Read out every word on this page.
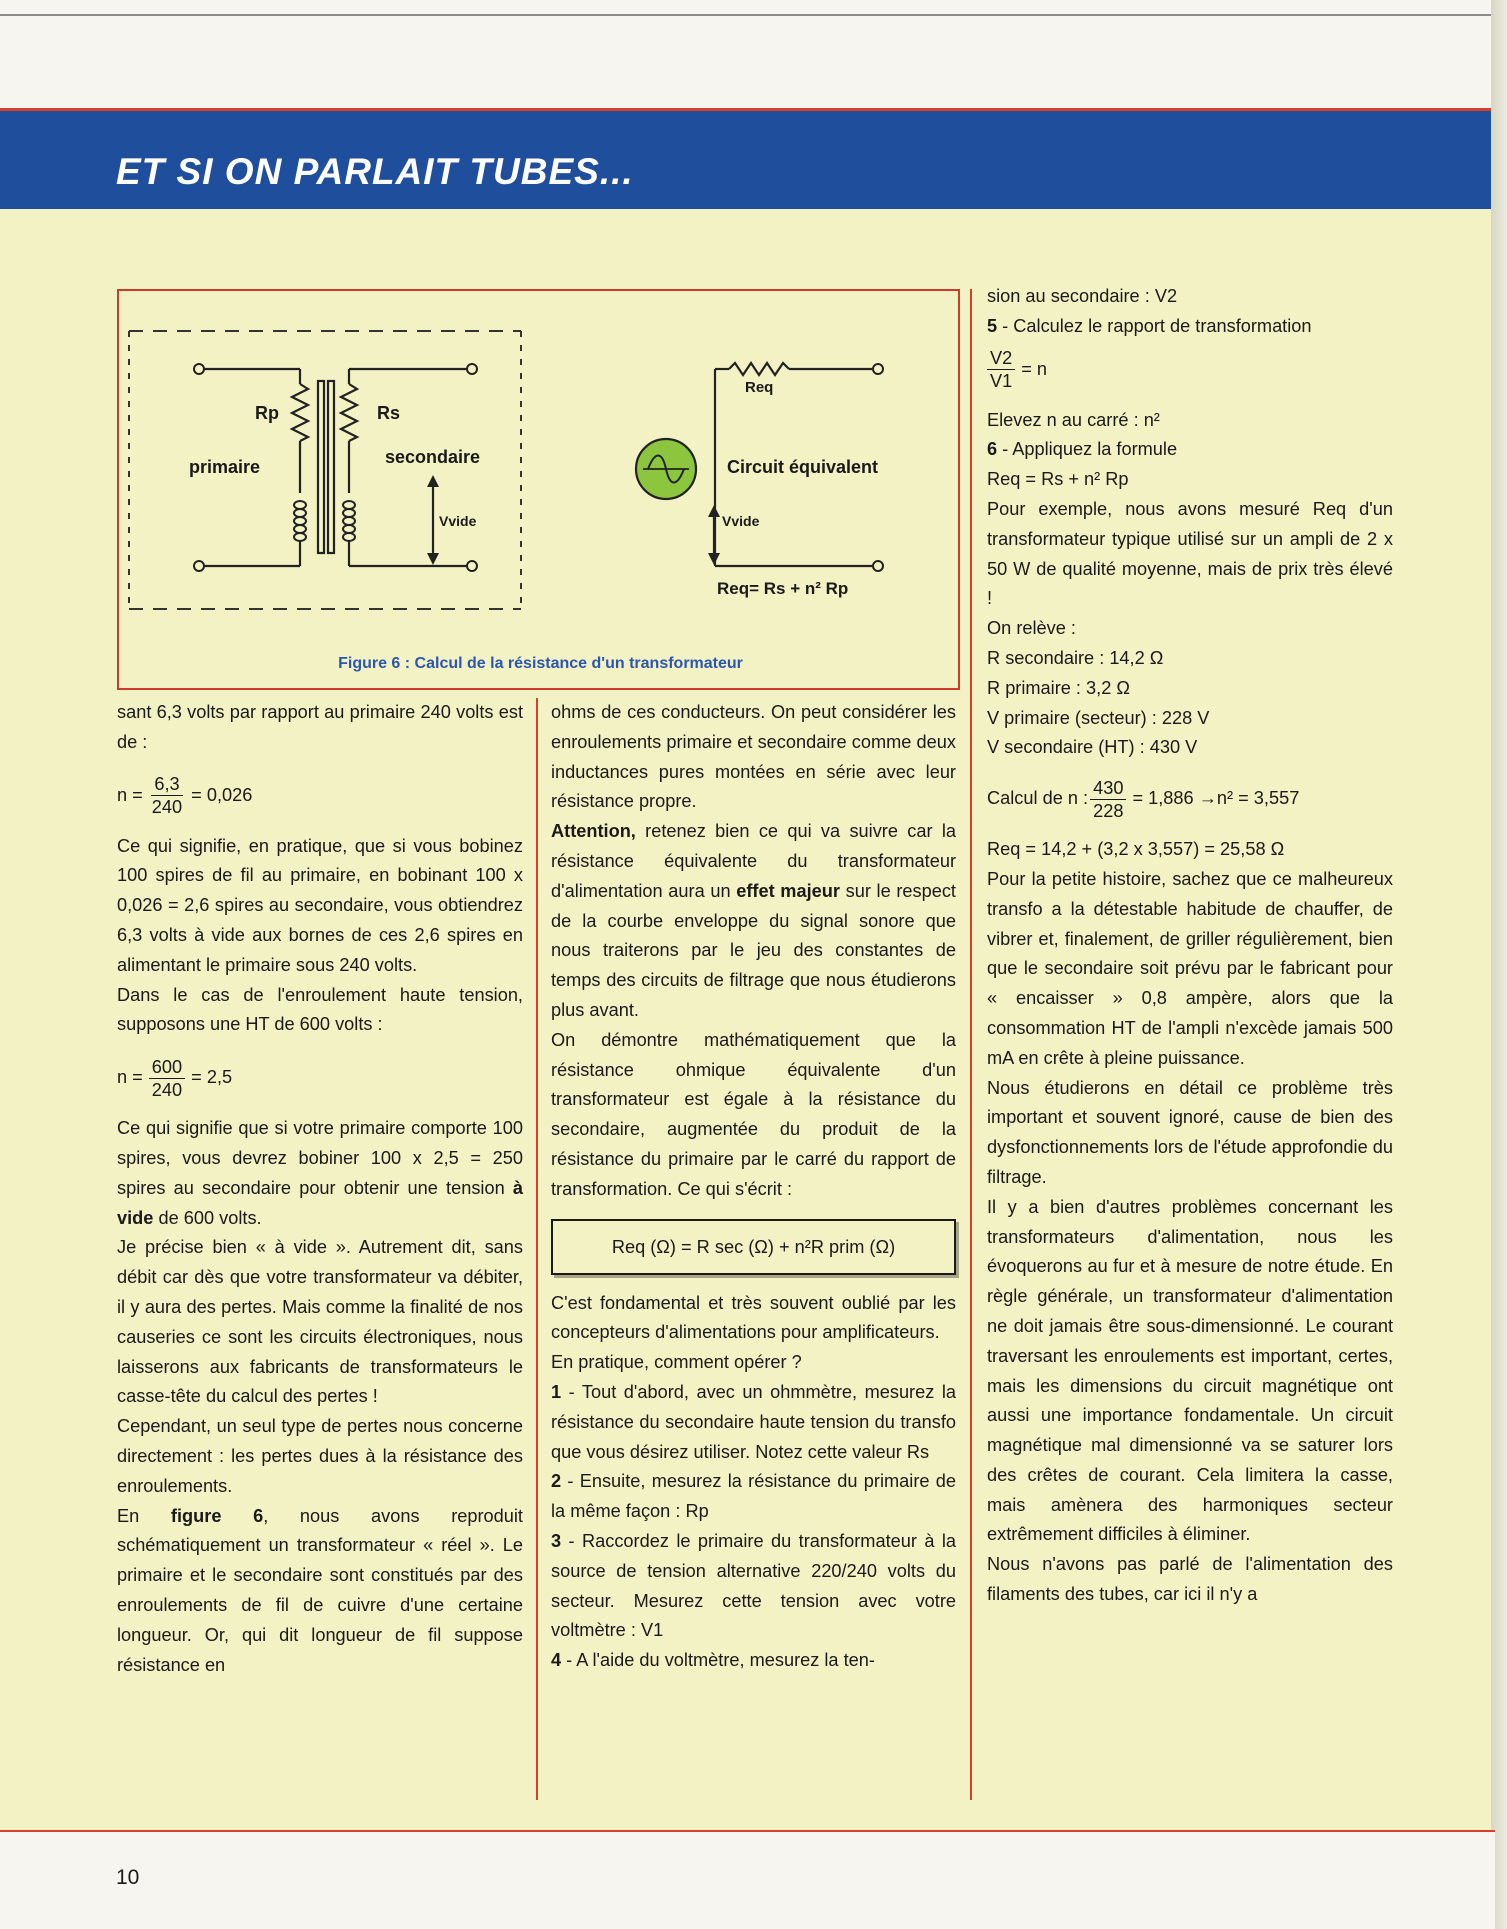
ET SI ON PARLAIT TUBES...
Rp	Rs
primaire	secondaire
Vvide
Req
Circuit équivalent
Vvide
Req= Rs + n² Rp
Figure 6 : Calcul de la résistance d'un transformateur

sant 6,3 volts par rapport au primaire 240 volts est de :

$n = \frac{6,3}{240} = 0,026$

Ce qui signifie, en pratique, que si vous bobinez 100 spires de fil au primaire, en bobinant 100 x 0,026 = 2,6 spires au secondaire, vous obtiendrez 6,3 volts à vide aux bornes de ces 2,6 spires en alimentant le primaire sous 240 volts.

Dans le cas de l'enroulement haute tension, supposons une HT de 600 volts :

$n = \frac{600}{240} = 2,5$

Ce qui signifie que si votre primaire comporte 100 spires, vous devrez bobiner 100 x 2,5 = 250 spires au secondaire pour obtenir une tension à vide de 600 volts.

Je précise bien « à vide ». Autrement dit, sans débit car dès que votre transformateur va débiter, il y aura des pertes. Mais comme la finalité de nos causeries ce sont les circuits électroniques, nous laisserons aux fabricants de transformateurs le casse-tête du calcul des pertes !

Cependant, un seul type de pertes nous concerne directement : les pertes dues à la résistance des enroulements.

En figure 6, nous avons reproduit schématiquement un transformateur « réel ». Le primaire et le secondaire sont constitués par des enroulements de fil de cuivre d'une certaine longueur. Or, qui dit longueur de fil suppose résistance en

ohms de ces conducteurs. On peut considérer les enroulements primaire et secondaire comme deux inductances pures montées en série avec leur résistance propre.

Attention, retenez bien ce qui va suivre car la résistance équivalente du transformateur d'alimentation aura un effet majeur sur le respect de la courbe enveloppe du signal sonore que nous traiterons par le jeu des constantes de temps des circuits de filtrage que nous étudierons plus avant.

On démontre mathématiquement que la résistance ohmique équivalente d'un transformateur est égale à la résistance du secondaire, augmentée du produit de la résistance du primaire par le carré du rapport de transformation. Ce qui s'écrit :

Req (Ω) = R sec (Ω) + n²R prim (Ω)

C'est fondamental et très souvent oublié par les concepteurs d'alimentations pour amplificateurs.

En pratique, comment opérer ?

1 - Tout d'abord, avec un ohmmètre, mesurez la résistance du secondaire haute tension du transfo que vous désirez utiliser. Notez cette valeur Rs

2 - Ensuite, mesurez la résistance du primaire de la même façon : Rp

3 - Raccordez le primaire du transformateur à la source de tension alternative 220/240 volts du secteur. Mesurez cette tension avec votre voltmètre : V1

4 - A l'aide du voltmètre, mesurez la ten-

sion au secondaire : V2

5 - Calculez le rapport de transformation

$\frac{V2}{V1} = n$

Elevez n au carré : n²

6 - Appliquez la formule

Req = Rs + n² Rp

Pour exemple, nous avons mesuré Req d'un transformateur typique utilisé sur un ampli de 2 x 50 W de qualité moyenne, mais de prix très élevé !

On relève :

R secondaire : 14,2 Ω

R primaire : 3,2 Ω

V primaire (secteur) : 228 V

V secondaire (HT) : 430 V

Calcul de n : $\frac{430}{228} = 1,886 \to n^2 = 3,557$

Req = 14,2 + (3,2 x 3,557) = 25,58 Ω

Pour la petite histoire, sachez que ce malheureux transfo a la détestable habitude de chauffer, de vibrer et, finalement, de griller régulièrement, bien que le secondaire soit prévu par le fabricant pour « encaisser » 0,8 ampère, alors que la consommation HT de l'ampli n'excède jamais 500 mA en crête à pleine puissance.

Nous étudierons en détail ce problème très important et souvent ignoré, cause de bien des dysfonctionnements lors de l'étude approfondie du filtrage.

Il y a bien d'autres problèmes concernant les transformateurs d'alimentation, nous les évoquerons au fur et à mesure de notre étude. En règle générale, un transformateur d'alimentation ne doit jamais être sous-dimensionné. Le courant traversant les enroulements est important, certes, mais les dimensions du circuit magnétique ont aussi une importance fondamentale. Un circuit magnétique mal dimensionné va se saturer lors des crêtes de courant. Cela limitera la casse, mais amènera des harmoniques secteur extrêmement difficiles à éliminer.

Nous n'avons pas parlé de l'alimentation des filaments des tubes, car ici il n'y a

10
